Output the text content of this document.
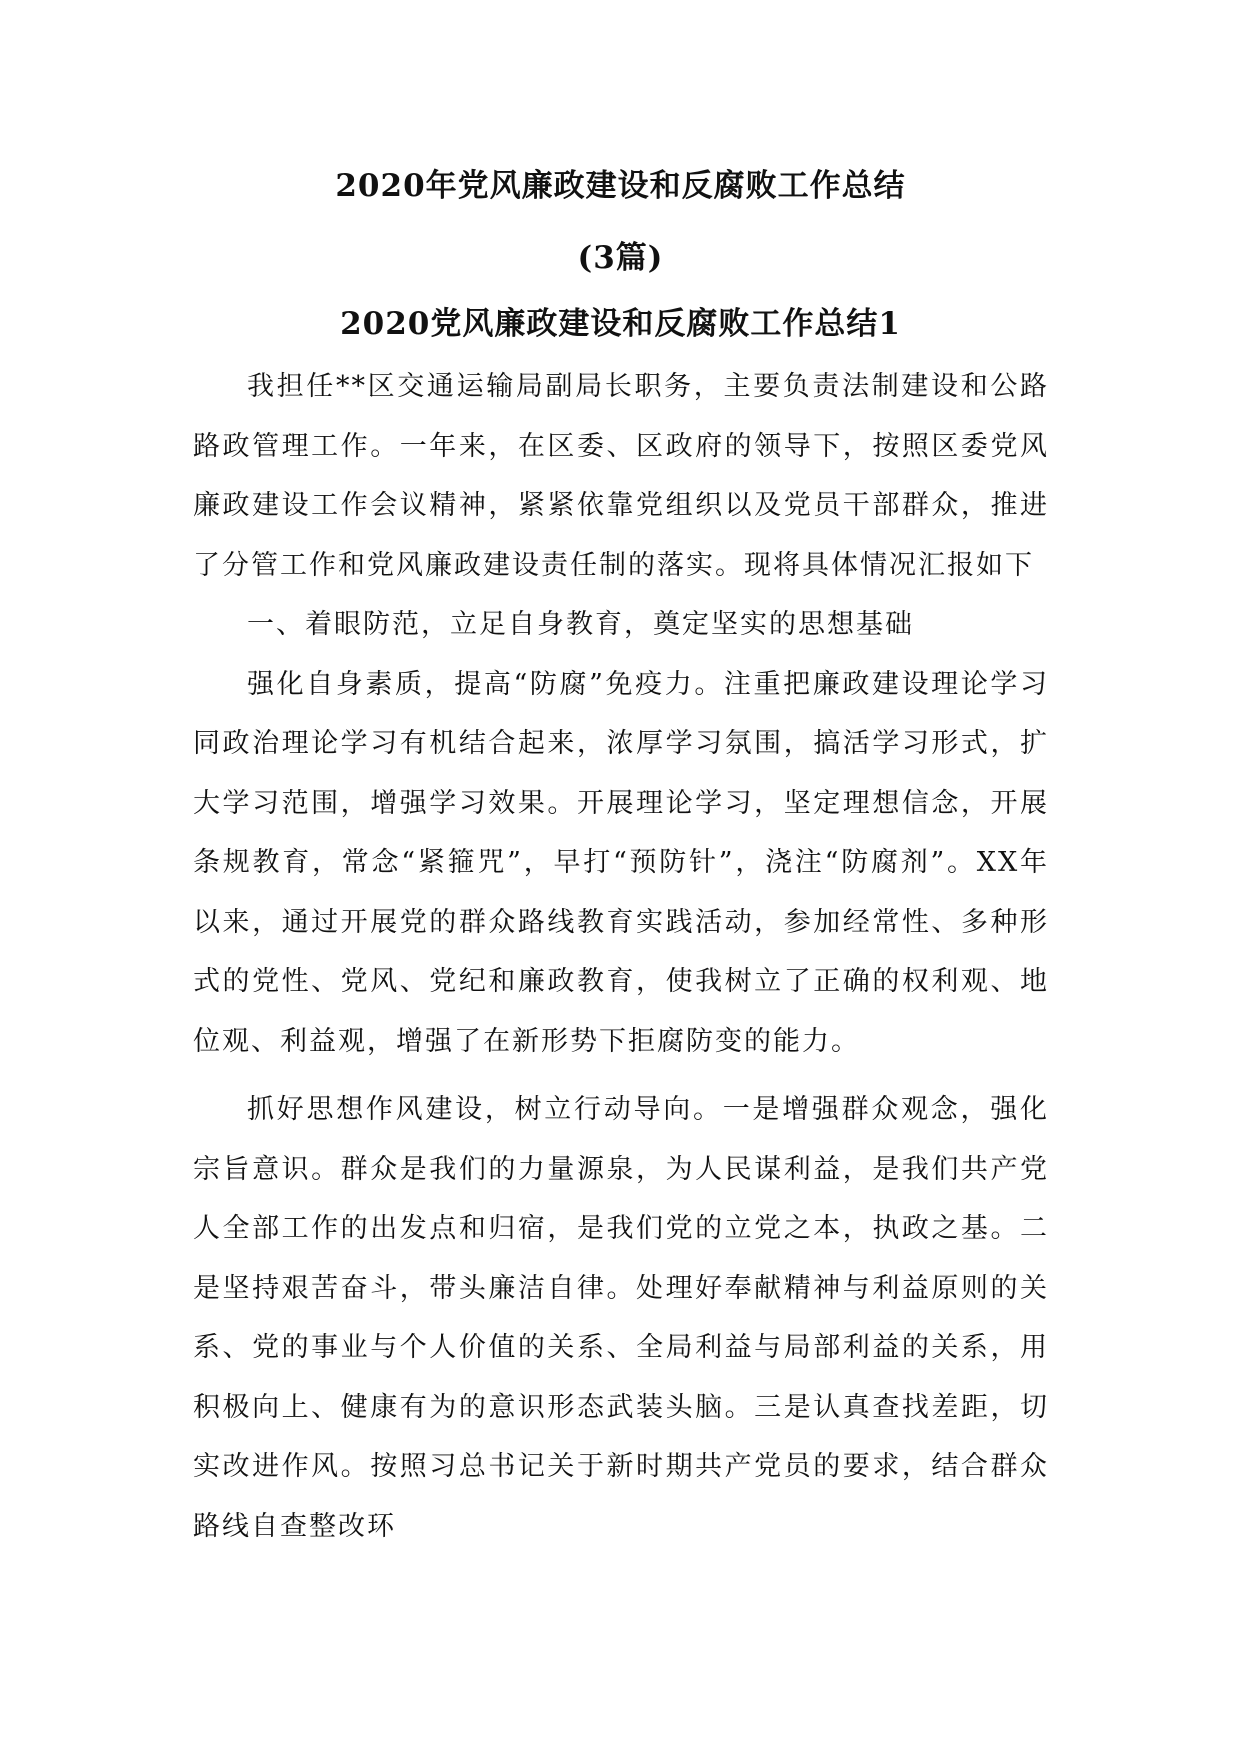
2020年党风廉政建设和反腐败工作总结
(3篇)
2020党风廉政建设和反腐败工作总结1

我担任**区交通运输局副局长职务，主要负责法制建设和公路路政管理工作。一年来，在区委、区政府的领导下，按照区委党风廉政建设工作会议精神，紧紧依靠党组织以及党员干部群众，推进了分管工作和党风廉政建设责任制的落实。现将具体情况汇报如下

一、着眼防范，立足自身教育，奠定坚实的思想基础

强化自身素质，提高“防腐”免疫力。注重把廉政建设理论学习同政治理论学习有机结合起来，浓厚学习氛围，搞活学习形式，扩大学习范围，增强学习效果。开展理论学习，坚定理想信念，开展条规教育，常念“紧箍咒”，早打“预防针”，浇注“防腐剂”。XX年以来，通过开展党的群众路线教育实践活动，参加经常性、多种形式的党性、党风、党纪和廉政教育，使我树立了正确的权利观、地位观、利益观，增强了在新形势下拒腐防变的能力。

抓好思想作风建设，树立行动导向。一是增强群众观念，强化宗旨意识。群众是我们的力量源泉，为人民谋利益，是我们共产党人全部工作的出发点和归宿，是我们党的立党之本，执政之基。二是坚持艰苦奋斗，带头廉洁自律。处理好奉献精神与利益原则的关系、党的事业与个人价值的关系、全局利益与局部利益的关系，用积极向上、健康有为的意识形态武装头脑。三是认真查找差距，切实改进作风。按照习总书记关于新时期共产党员的要求，结合群众路线自查整改环
